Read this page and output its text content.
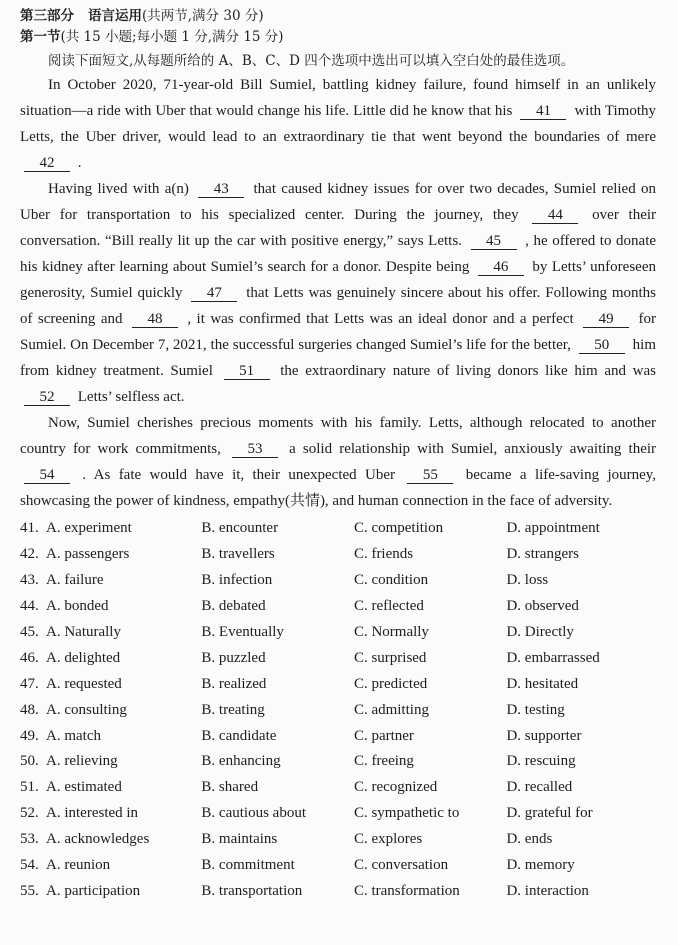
第三部分 语言运用(共两节,满分 30 分)
第一节(共 15 小题;每小题 1 分,满分 15 分)
阅读下面短文,从每题所给的 A、B、C、D 四个选项中选出可以填入空白处的最佳选项。

In October 2020, 71-year-old Bill Sumiel, battling kidney failure, found himself in an unlikely situation—a ride with Uber that would change his life. Little did he know that his 41 with Timothy Letts, the Uber driver, would lead to an extraordinary tie that went beyond the boundaries of mere 42 .

Having lived with a(n) 43 that caused kidney issues for over two decades, Sumiel relied on Uber for transportation to his specialized center. During the journey, they 44 over their conversation. “Bill really lit up the car with positive energy,” says Letts. 45 , he offered to donate his kidney after learning about Sumiel’s search for a donor. Despite being 46 by Letts’ unforeseen generosity, Sumiel quickly 47 that Letts was genuinely sincere about his offer. Following months of screening and 48 , it was confirmed that Letts was an ideal donor and a perfect 49 for Sumiel. On December 7, 2021, the successful surgeries changed Sumiel’s life for the better, 50 him from kidney treatment. Sumiel 51 the extraordinary nature of living donors like him and was 52 Letts’ selfless act.

Now, Sumiel cherishes precious moments with his family. Letts, although relocated to another country for work commitments, 53 a solid relationship with Sumiel, anxiously awaiting their 54 . As fate would have it, their unexpected Uber 55 became a life-saving journey, showcasing the power of kindness, empathy(共情), and human connection in the face of adversity.

41. A. experiment	B. encounter	C. competition	D. appointment
42. A. passengers	B. travellers	C. friends	D. strangers
43. A. failure	B. infection	C. condition	D. loss
44. A. bonded	B. debated	C. reflected	D. observed
45. A. Naturally	B. Eventually	C. Normally	D. Directly
46. A. delighted	B. puzzled	C. surprised	D. embarrassed
47. A. requested	B. realized	C. predicted	D. hesitated
48. A. consulting	B. treating	C. admitting	D. testing
49. A. match	B. candidate	C. partner	D. supporter
50. A. relieving	B. enhancing	C. freeing	D. rescuing
51. A. estimated	B. shared	C. recognized	D. recalled
52. A. interested in	B. cautious about	C. sympathetic to	D. grateful for
53. A. acknowledges	B. maintains	C. explores	D. ends
54. A. reunion	B. commitment	C. conversation	D. memory
55. A. participation	B. transportation	C. transformation	D. interaction
